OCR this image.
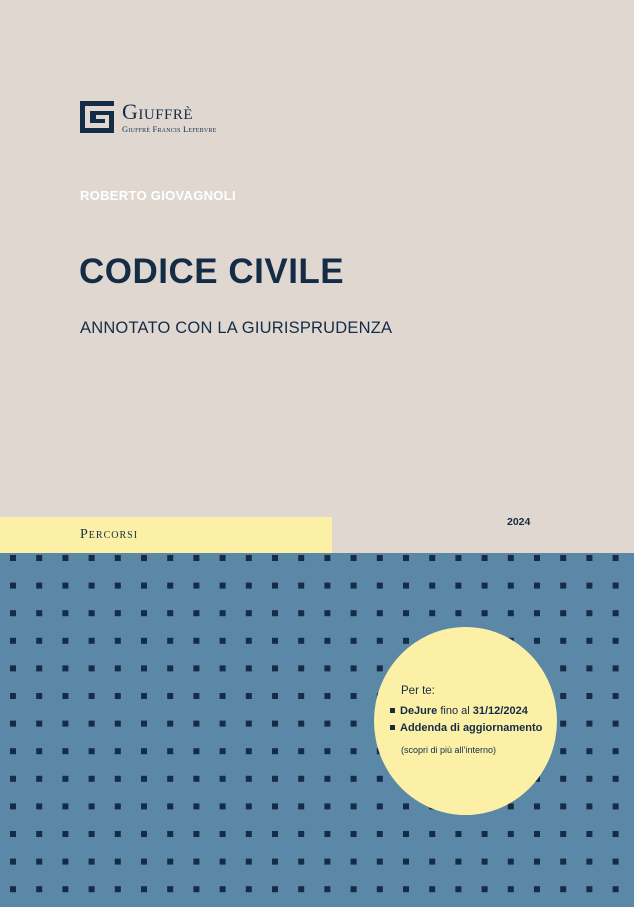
Giuffrè
Giuffrè Francis Lefebvre
ROBERTO GIOVAGNOLI
CODICE CIVILE
ANNOTATO CON LA GIURISPRUDENZA
Percorsi
2024
Per te:
DeJure fino al 31/12/2024
Addenda di aggiornamento
(scopri di più all’interno)
